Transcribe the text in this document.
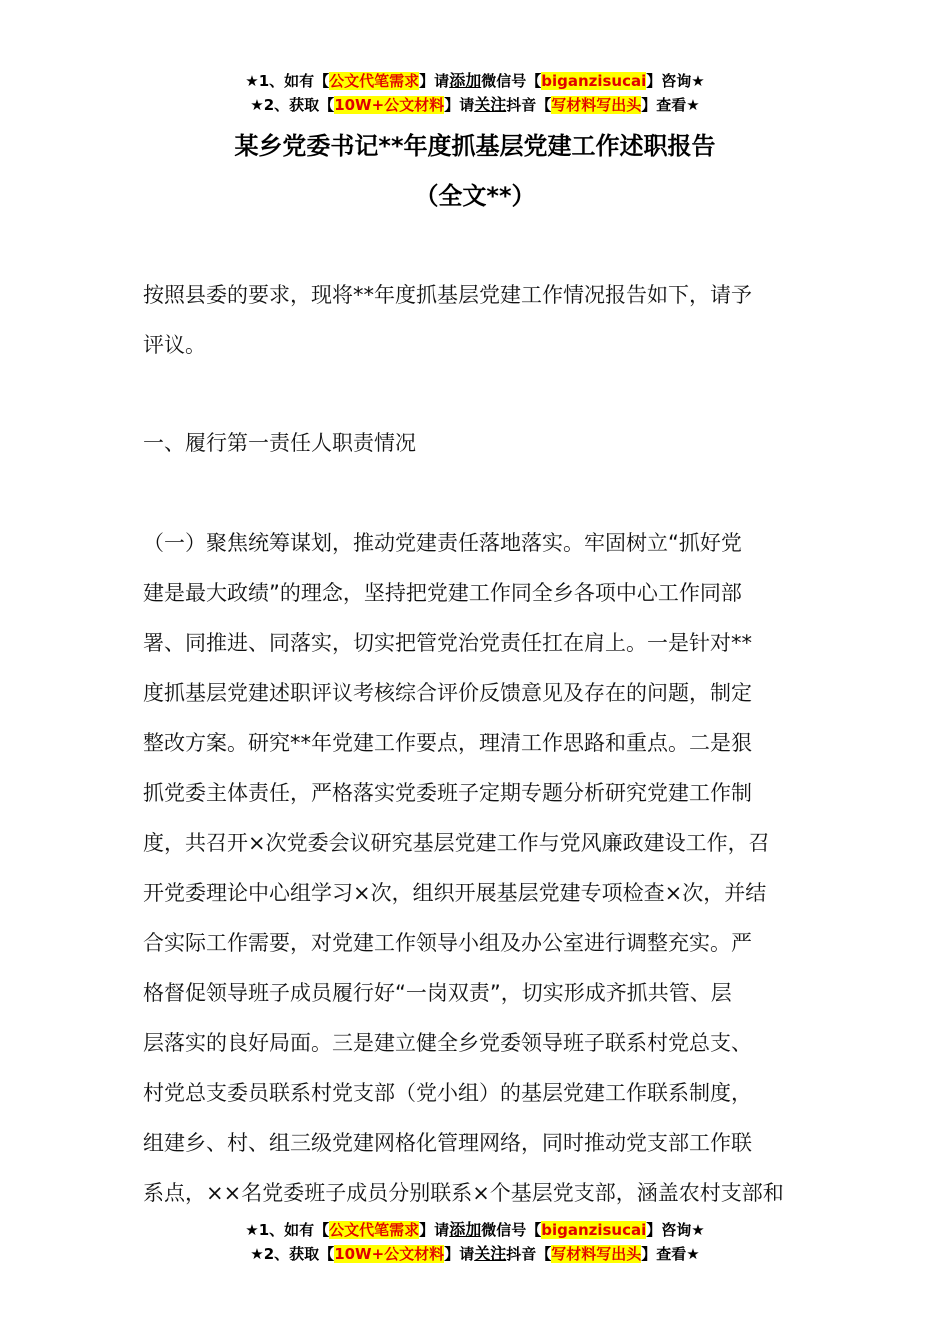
★1、如有【公文代笔需求】请添加微信号【biganzisucai】咨询★
★2、获取【10W+公文材料】请关注抖音【写材料写出头】查看★
某乡党委书记**年度抓基层党建工作述职报告
（全文**）
按照县委的要求，现将**年度抓基层党建工作情况报告如下，请予
评议。
一、履行第一责任人职责情况
（一）聚焦统筹谋划，推动党建责任落地落实。牢固树立“抓好党
建是最大政绩”的理念，坚持把党建工作同全乡各项中心工作同部
署、同推进、同落实，切实把管党治党责任扛在肩上。一是针对**
度抓基层党建述职评议考核综合评价反馈意见及存在的问题，制定
整改方案。研究**年党建工作要点，理清工作思路和重点。二是狠
抓党委主体责任，严格落实党委班子定期专题分析研究党建工作制
度，共召开×次党委会议研究基层党建工作与党风廉政建设工作，召
开党委理论中心组学习×次，组织开展基层党建专项检查×次，并结
合实际工作需要，对党建工作领导小组及办公室进行调整充实。严
格督促领导班子成员履行好“一岗双责”，切实形成齐抓共管、层
层落实的良好局面。三是建立健全乡党委领导班子联系村党总支、
村党总支委员联系村党支部（党小组）的基层党建工作联系制度，
组建乡、村、组三级党建网格化管理网络，同时推动党支部工作联
系点，××名党委班子成员分别联系×个基层党支部，涵盖农村支部和
★1、如有【公文代笔需求】请添加微信号【biganzisucai】咨询★
★2、获取【10W+公文材料】请关注抖音【写材料写出头】查看★
